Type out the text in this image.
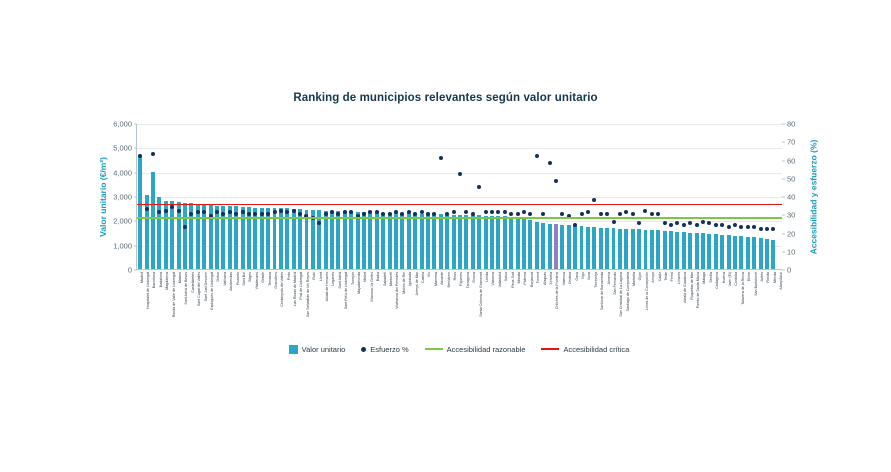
Ranking de municipios relevantes según valor unitario
Valor unitario (€/m²)	Accesibilidad y esfuerzo (%)
0
1,000
2,000
3,000
4,000
5,000
6,000
0
10
20
30
40
50
60
70
80
Madrid Hospitalet de Llobregat Barcelona Badalona Magdalena Ronda de Valle de Llobregat Mataró Sant Adrià de Besòs Castelldefels Sant Cugat del Vallès Sant Just Desvern Esplugues de Llobregat Getxo Vallirana Alcobendas Pozuelo Sant Boi Sitges Viladecans Getafe Terrassa Granollers Cerdanyola del Vallès Pinto Las Rozas de Madrid Prat de Llobregat San Sebastián de los Reyes Rubí Lloret Alcalá de Henares Leganés Sant Adrià Sant Feliu de Llobregat Torrejón Majadahonda Mollet Vilanova i la Geltrú Badia Sabadell Martorell Vilafranca del Penedès Molins de Rei Igualada Arenys de Mar Calella Vic Manresa Alicante Benidorm Reus Figueres Tarragona Girona Santa Coloma de Gramenet Lleida Vilaseca Valladolid Salou Reus Sud Mislata Paterna Burjassot Torrent Alaquàs Xirivella Chilches de la Frontera Valencia Ondara Gavà Vigo Ibiza Torrevieja Sanlúcar de Barrameda Almería San Fernando San Cristóbal de La Laguna Santiago de Compostela Marbella Gijón Línea de la Concepción Arroyo Cádiz Telde Ferrol Linares Alcalá de Guadaíra Roquetas de Mar Puerto de Santa María Málaga Sevilla Cartagena Huelva Jaén (El) Córdoba Talavera de la Reina Elche San Bartolomé Avilés Ronda Mérida Alcoy/Alcoi
Valor unitario	Esfuerzo %	Accesibilidad razonable	Accesibilidad crítica
